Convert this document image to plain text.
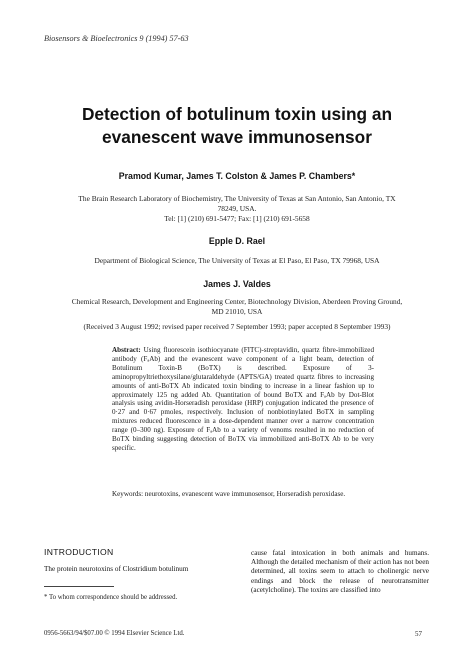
Biosensors & Bioelectronics 9 (1994) 57-63
Detection of botulinum toxin using an
evanescent wave immunosensor
Pramod Kumar, James T. Colston & James P. Chambers*
The Brain Research Laboratory of Biochemistry, The University of Texas at San Antonio, San Antonio, TX
78249, USA.
Tel: [1] (210) 691-5477; Fax: [1] (210) 691-5658
Epple D. Rael
Department of Biological Science, The University of Texas at El Paso, El Paso, TX 79968, USA
James J. Valdes
Chemical Research, Development and Engineering Center, Biotechnology Division, Aberdeen Proving Ground,
MD 21010, USA
(Received 3 August 1992; revised paper received 7 September 1993; paper accepted 8 September 1993)
Abstract: Using fluorescein isothiocyanate (FITC)-streptavidin, quartz fibre-immobilized antibody (FₐAb) and the evanescent wave component of a light beam, detection of Botulinum Toxin-B (BoTX) is described. Exposure of 3-aminopropyltriethoxysilane/glutaraldehyde (APTS/GA) treated quartz fibres to increasing amounts of anti-BoTX Ab indicated toxin binding to increase in a linear fashion up to approximately 125 ng added Ab. Quantitation of bound BoTX and FₐAb by Dot-Blot analysis using avidin-Horseradish peroxidase (HRP) conjugation indicated the presence of 0·27 and 0·67 pmoles, respectively. Inclusion of nonbiotinylated BoTX in sampling mixtures reduced fluorescence in a dose-dependent manner over a narrow concentration range (0–300 ng). Exposure of FₐAb to a variety of venoms resulted in no reduction of BoTX binding suggesting detection of BoTX via immobilized anti-BoTX Ab to be very specific.
Keywords: neurotoxins, evanescent wave immunosensor, Horseradish peroxidase.
INTRODUCTION
The protein neurotoxins of Clostridium botulinum
* To whom correspondence should be addressed.
cause fatal intoxication in both animals and humans. Although the detailed mechanism of their action has not been determined, all toxins seem to attach to cholinergic nerve endings and block the release of neurotransmitter (acetylcholine). The toxins are classified into
0956-5663/94/$07.00 © 1994 Elsevier Science Ltd.	57
